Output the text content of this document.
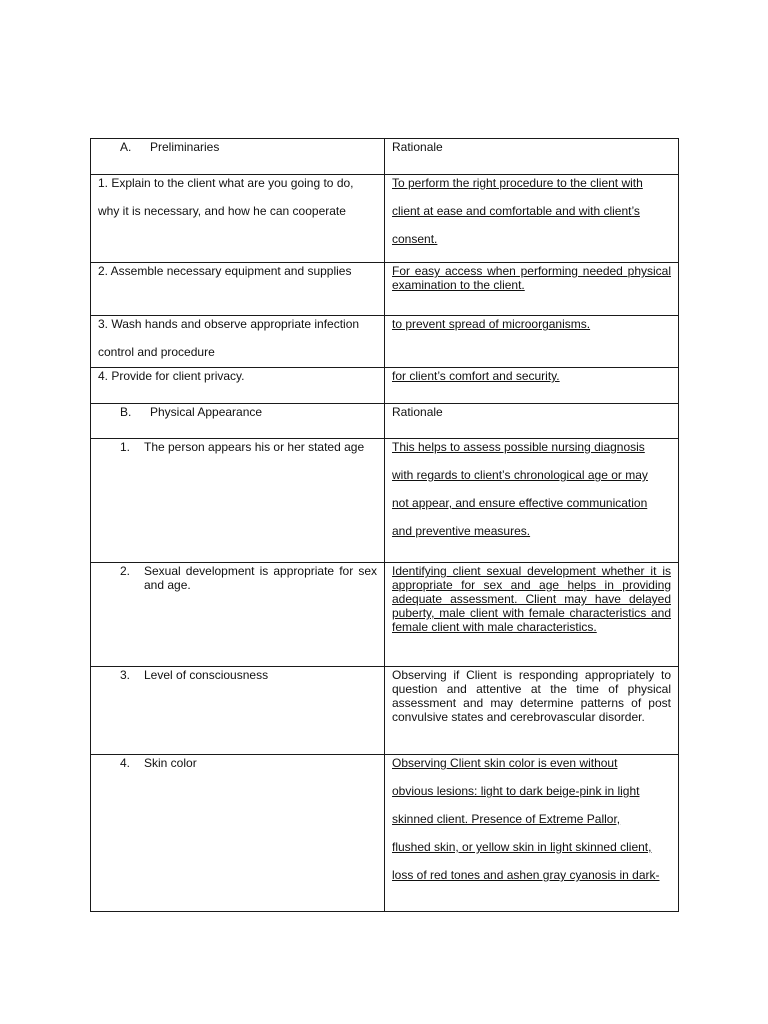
A. Preliminaries	Rationale

1. Explain to the client what are you going to do,

why it is necessary, and how he can cooperate	To perform the right procedure to the client with

client at ease and comfortable and with client’s

consent.

2. Assemble necessary equipment and supplies	For easy access when performing needed physical examination to the client.

3. Wash hands and observe appropriate infection

control and procedure	to prevent spread of microorganisms.

4. Provide for client privacy.	for client’s comfort and security.

B. Physical Appearance	Rationale

1. The person appears his or her stated age	This helps to assess possible nursing diagnosis

with regards to client’s chronological age or may

not appear, and ensure effective communication

and preventive measures.

2. Sexual development is appropriate for sex and age.	Identifying client sexual development whether it is appropriate for sex and age helps in providing adequate assessment. Client may have delayed puberty, male client with female characteristics and female client with male characteristics.

3. Level of consciousness	Observing if Client is responding appropriately to question and attentive at the time of physical assessment and may determine patterns of post convulsive states and cerebrovascular disorder.

4. Skin color	Observing Client skin color is even without

obvious lesions: light to dark beige-pink in light

skinned client. Presence of Extreme Pallor,

flushed skin, or yellow skin in light skinned client,

loss of red tones and ashen gray cyanosis in dark-
